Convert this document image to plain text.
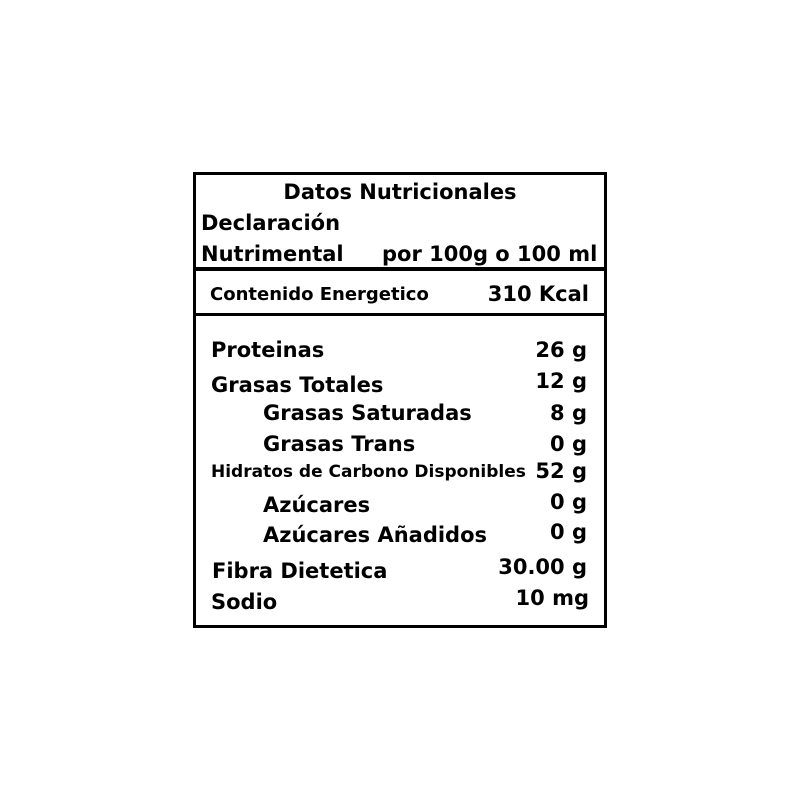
Datos Nutricionales
Declaración
Nutrimental por 100g o 100 ml
Contenido Energetico	310 Kcal
Proteinas	26 g
Grasas Totales	12 g
Grasas Saturadas	8 g
Grasas Trans	0 g
Hidratos de Carbono Disponibles 52 g
Azúcares	0 g
Azúcares Añadidos	0 g
Fibra Dietetica	30.00 g
Sodio	10 mg
